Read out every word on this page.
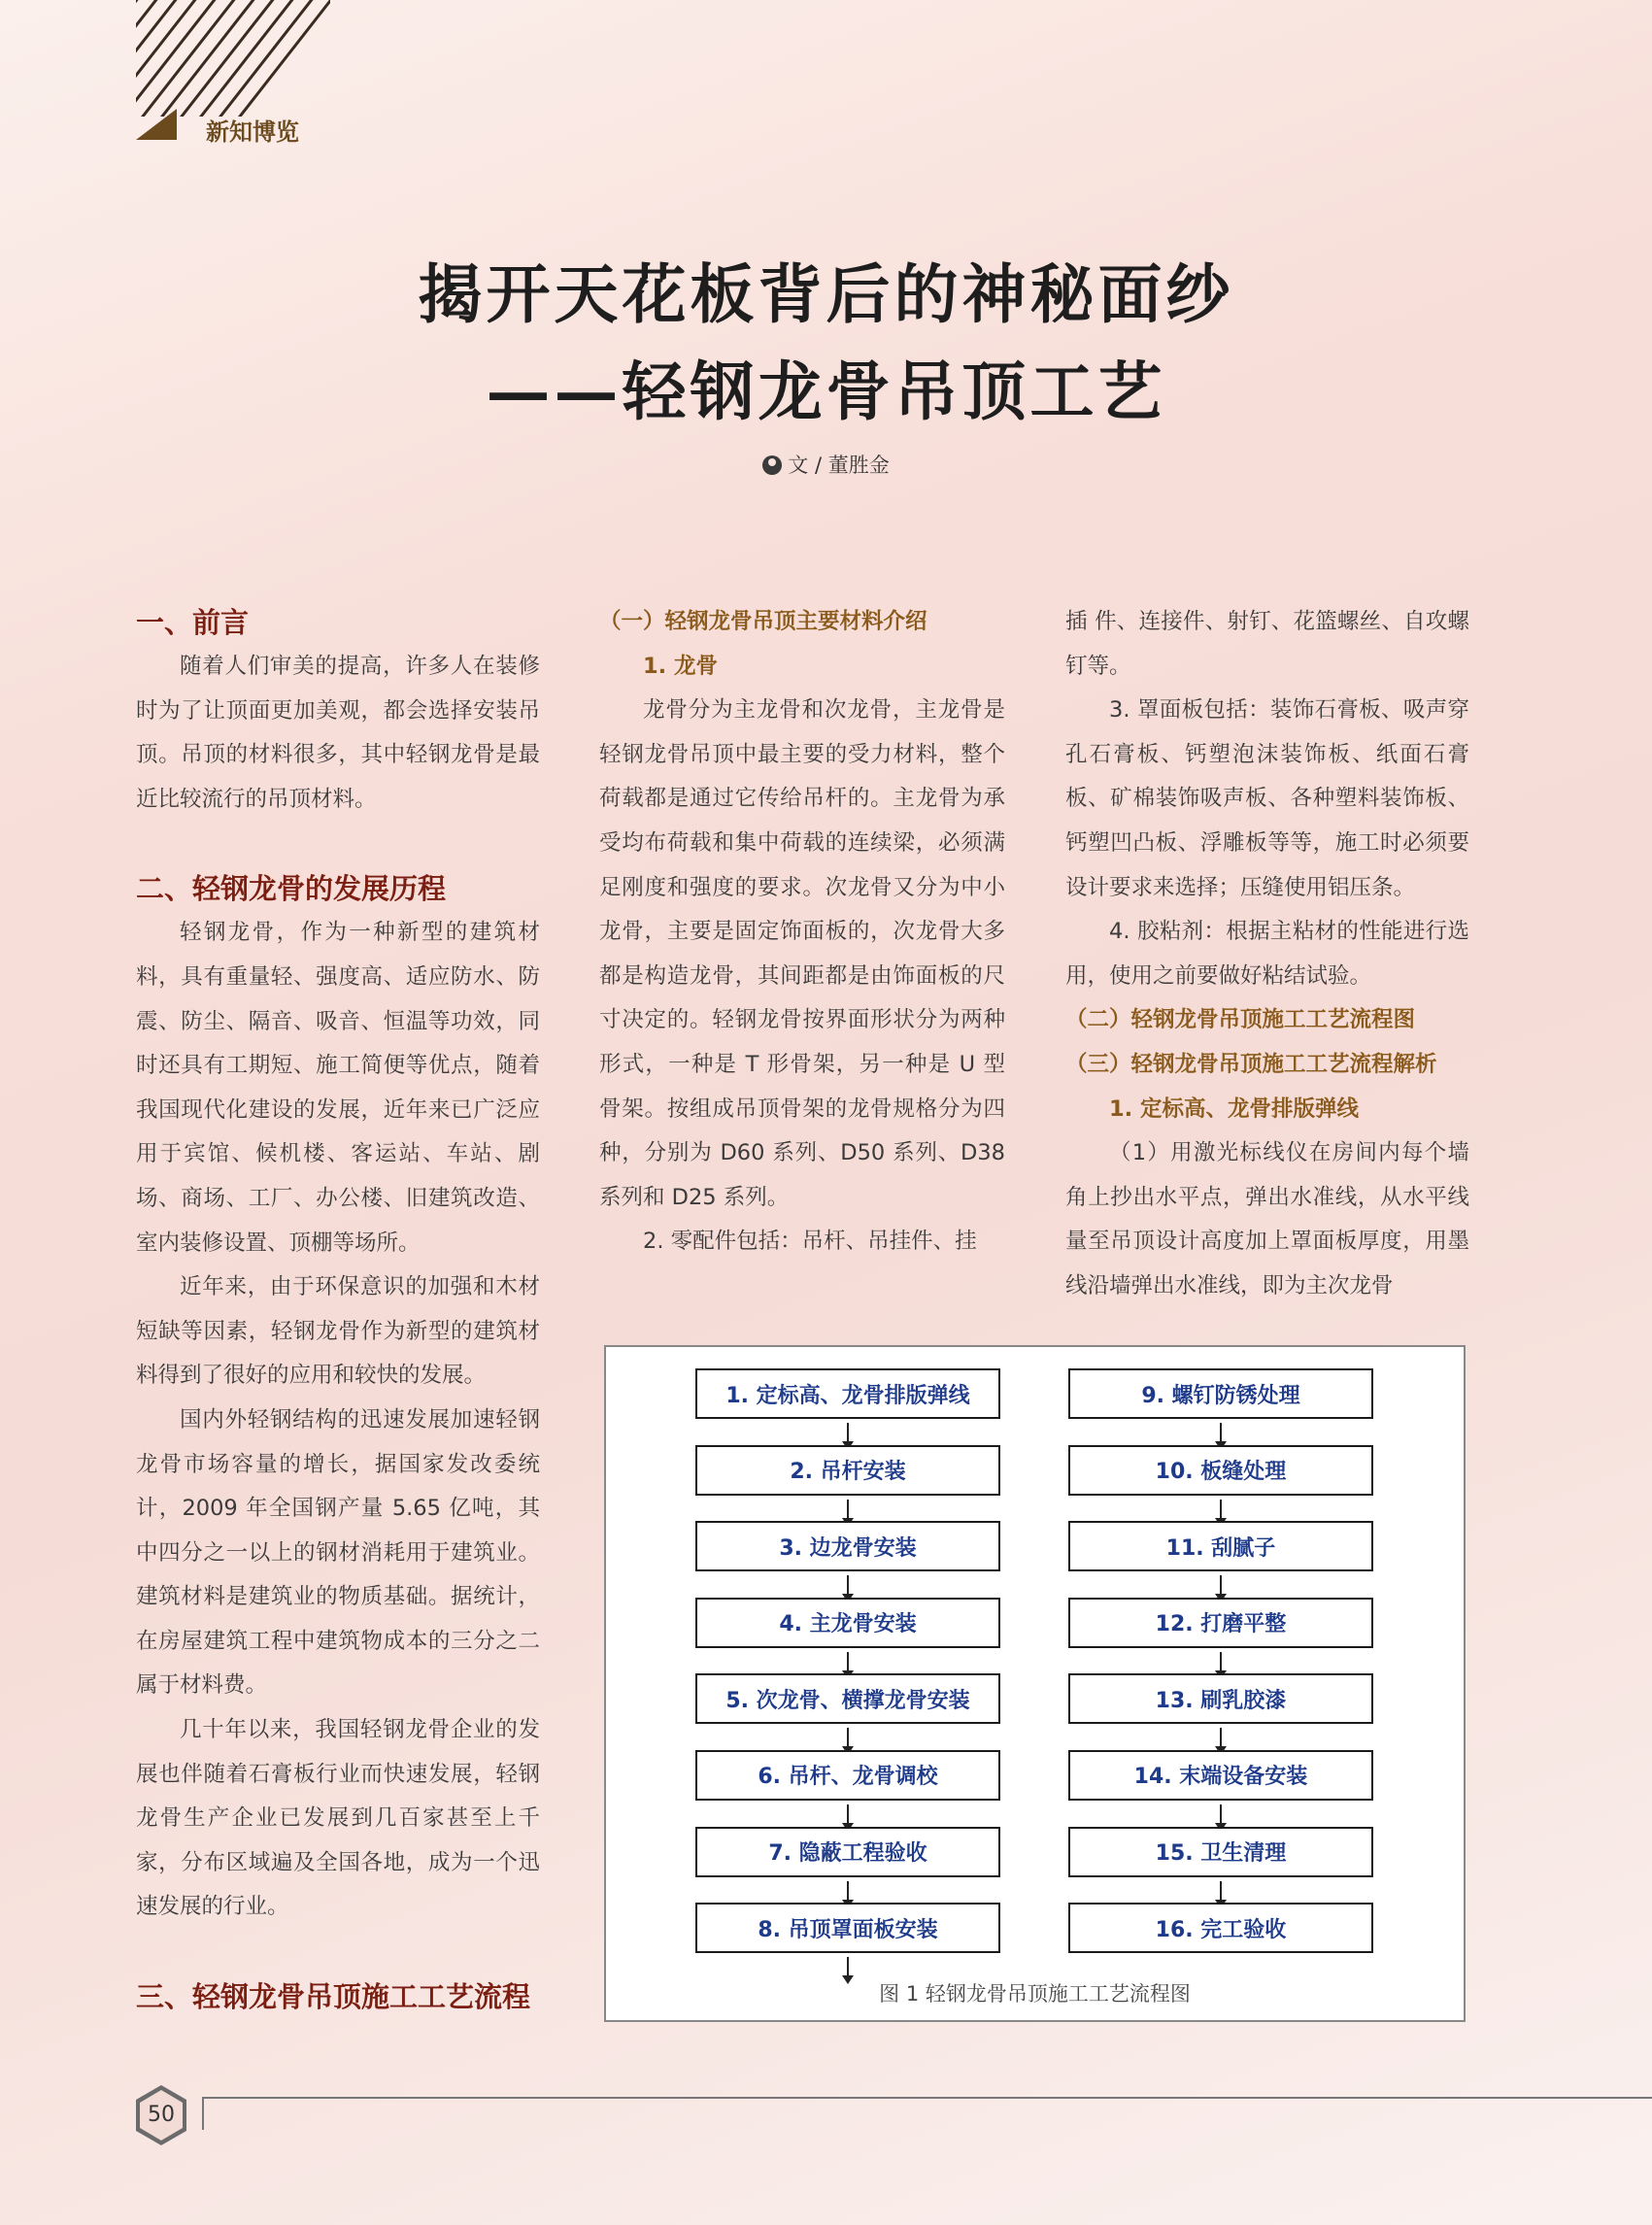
新知博览
揭开天花板背后的神秘面纱
——轻钢龙骨吊顶工艺
文 / 董胜金

一、前言

随着人们审美的提高，许多人在装修 时为了让顶面更加美观，都会选择安装吊顶。吊顶的材料很多，其中轻钢龙骨是最 近比较流行的吊顶材料。

二、轻钢龙骨的发展历程

轻钢龙骨，作为一种新型的建筑材料，具有重量轻、强度高、适应防水、防震、防尘、隔音、吸音、恒温等功效，同时还具有工期短、施工简便等优点，随着我国现代化建设的发展，近年来已广泛应用于宾馆、候机楼、客运站、车站、剧场、商场、工厂、办公楼、旧建筑改造、室内装修设置、顶棚等场所。

近年来，由于环保意识的加强和木材短缺等因素，轻钢龙骨作为新型的建筑材料得到了很好的应用和较快的发展。

国内外轻钢结构的迅速发展加速轻钢龙骨市场容量的增长，据国家发改委统 计，2009 年全国钢产量 5.65 亿吨，其中四分之一以上的钢材消耗用于建筑业。建筑材料是建筑业的物质基础。据统计，在房屋建筑工程中建筑物成本的三分之二属于材料费。

几十年以来，我国轻钢龙骨企业的发 展也伴随着石膏板行业而快速发展，轻钢 龙骨生产企业已发展到几百家甚至上千家，分布区域遍及全国各地，成为一个迅速发展的行业。

三、轻钢龙骨吊顶施工工艺流程

（一）轻钢龙骨吊顶主要材料介绍

1. 龙骨

龙骨分为主龙骨和次龙骨，主龙骨是轻钢龙骨吊顶中最主要的受力材料，整个荷载都是通过它传给吊杆的。主龙骨为承受均布荷载和集中荷载的连续梁，必须满足刚度和强度的要求。次龙骨又分为中小龙骨，主要是固定饰面板的，次龙骨大多都是构造龙骨，其间距都是由饰面板的尺寸决定的。轻钢龙骨按界面形状分为两种形式，一种是 T 形骨架，另一种是 U 型骨架。按组成吊顶骨架的龙骨规格分为四种，分别为 D60 系列、D50 系列、D38 系列和 D25 系列。

2. 零配件包括：吊杆、吊挂件、挂

插 件、连接件、射钉、花篮螺丝、自攻螺钉等。

3. 罩面板包括：装饰石膏板、吸声穿 孔石膏板、钙塑泡沫装饰板、纸面石膏板、矿棉装饰吸声板、各种塑料装饰板、钙塑凹凸板、浮雕板等等，施工时必须要设计要求来选择；压缝使用铝压条。

4. 胶粘剂：根据主粘材的性能进行选 用，使用之前要做好粘结试验。

（二）轻钢龙骨吊顶施工工艺流程图

（三）轻钢龙骨吊顶施工工艺流程解析

1. 定标高、龙骨排版弹线

（1）用激光标线仪在房间内每个墙角上抄出水平点，弹出水准线，从水平线 量至吊顶设计高度加上罩面板厚度，用墨 线沿墙弹出水准线，即为主次龙骨

1. 定标高、龙骨排版弹线
2. 吊杆安装
3. 边龙骨安装
4. 主龙骨安装
5. 次龙骨、横撑龙骨安装
6. 吊杆、龙骨调校
7. 隐蔽工程验收
8. 吊顶罩面板安装
9. 螺钉防锈处理
10. 板缝处理
11. 刮腻子
12. 打磨平整
13. 刷乳胶漆
14. 末端设备安装
15. 卫生清理
16. 完工验收
图 1 轻钢龙骨吊顶施工工艺流程图
50
